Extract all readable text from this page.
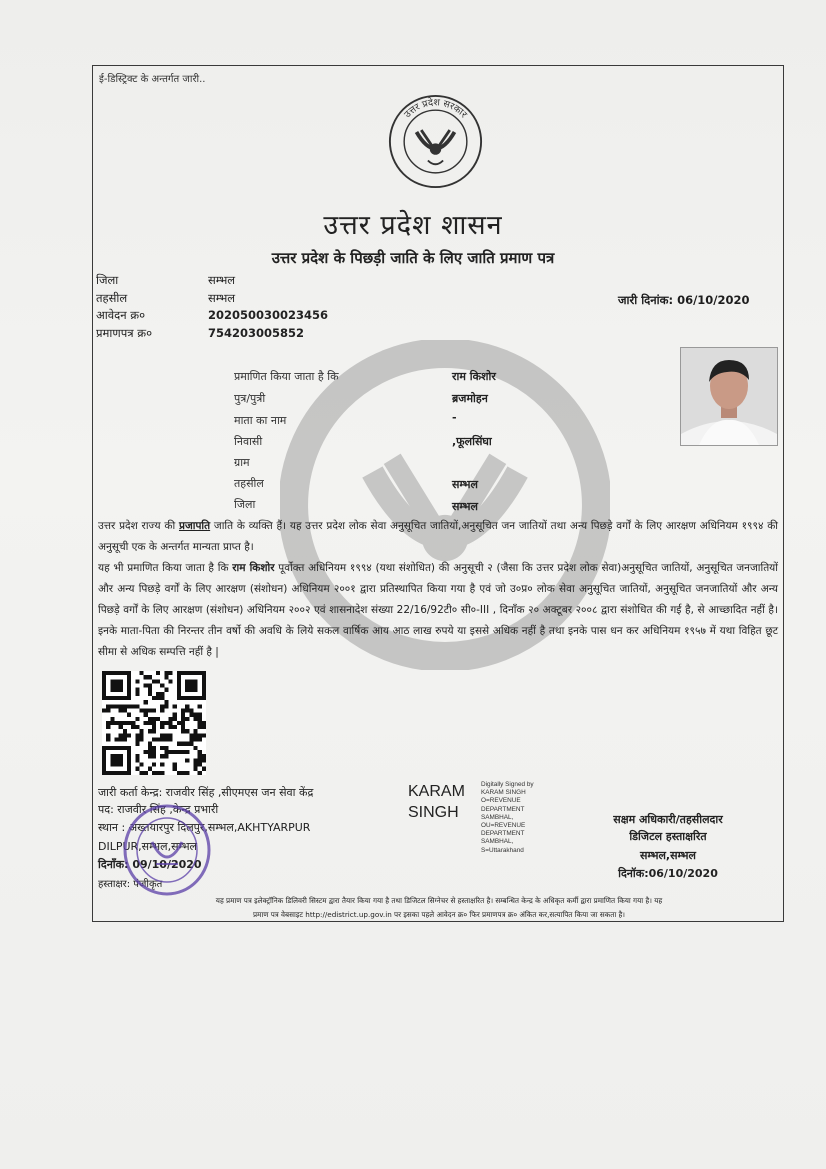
ई-डिस्ट्रिक्ट के अन्तर्गत जारी..
उत्तर प्रदेश सरकार
उत्तर प्रदेश शासन
उत्तर प्रदेश के पिछड़ी जाति के लिए जाति प्रमाण पत्र
जिला	सम्भल
तहसील	सम्भल
आवेदन क्र०	202050030023456
प्रमाणपत्र क्र०	754203005852
जारी दिनांक: 06/10/2020
प्रमाणित किया जाता है कि	राम किशोर
पुत्र/पुत्री	ब्रजमोहन
माता का नाम	-
निवासी	,फूलसिंघा
ग्राम
तहसील	सम्भल
जिला	सम्भल
उत्तर प्रदेश राज्य की प्रजापति जाति के व्यक्ति हैं। यह उत्तर प्रदेश लोक सेवा अनुसूचित जातियों,अनुसूचित जन जातियों तथा अन्य पिछड़े वर्गों के लिए आरक्षण अधिनियम १९९४ की अनुसूची एक के अन्तर्गत मान्यता प्राप्त है।
यह भी प्रमाणित किया जाता है कि राम किशोर पूर्वोक्त अधिनियम १९९४ (यथा संशोधित) की अनुसूची २ (जैसा कि उत्तर प्रदेश लोक सेवा)अनुसूचित जातियों, अनुसूचित जनजातियों और अन्य पिछड़े वर्गों के लिए आरक्षण (संशोधन) अधिनियम २००१ द्वारा प्रतिस्थापित किया गया है एवं जो उ०प्र० लोक सेवा अनुसूचित जातियों, अनुसूचित जनजातियों और अन्य पिछड़े वर्गों के लिए आरक्षण (संशोधन) अधिनियम २००२ एवं शासनादेश संख्या 22/16/92टी० सी०-III , दिनाँक २० अक्टूबर २००८ द्वारा संशोधित की गई है, से आच्छादित नहीं है।इनके माता-पिता की निरन्तर तीन वर्षो की अवधि के लिये सकल वार्षिक आय आठ लाख रुपये या इससे अधिक नहीं है तथा इनके पास धन कर अधिनियम १९५७ में यथा विहित छूट सीमा से अधिक सम्पत्ति नहीं है |
जारी कर्ता केन्द्र: राजवीर सिंह ,सीएमएस जन सेवा केंद्र
पद: राजवीर सिंह ,केन्द्र प्रभारी
स्थान : अख्तयारपुर दिलपुर,सम्भल,AKHTYARPUR
DILPUR,सम्भल,सम्भल
दिनाँक: 09/10/2020
हस्ताक्षर: पंजीकृत
KARAM
SINGH
Digitally Signed by
KARAM SINGH
O=REVENUE
DEPARTMENT
SAMBHAL,
OU=REVENUE
DEPARTMENT
SAMBHAL,
S=Uttarakhand
सक्षम अधिकारी/तहसीलदार
डिजिटल हस्ताक्षरित
सम्भल,सम्भल
दिनॉक:06/10/2020
यह प्रमाण पत्र इलेक्ट्रॉनिक डिलिवरी सिस्टम द्वारा तैयार किया गया है तथा डिजिटल सिग्नेचर से हस्ताक्षरित है। सम्बन्धित केन्द्र के अधिकृत कर्मी द्वारा प्रमाणित किया गया है। यह
प्रमाण पत्र वेबसाइट http://edistrict.up.gov.in पर इसका पहले आवेदन क्र० फिर प्रमाणपत्र क्र० अंकित कर,सत्यापित किया जा सकता है।
